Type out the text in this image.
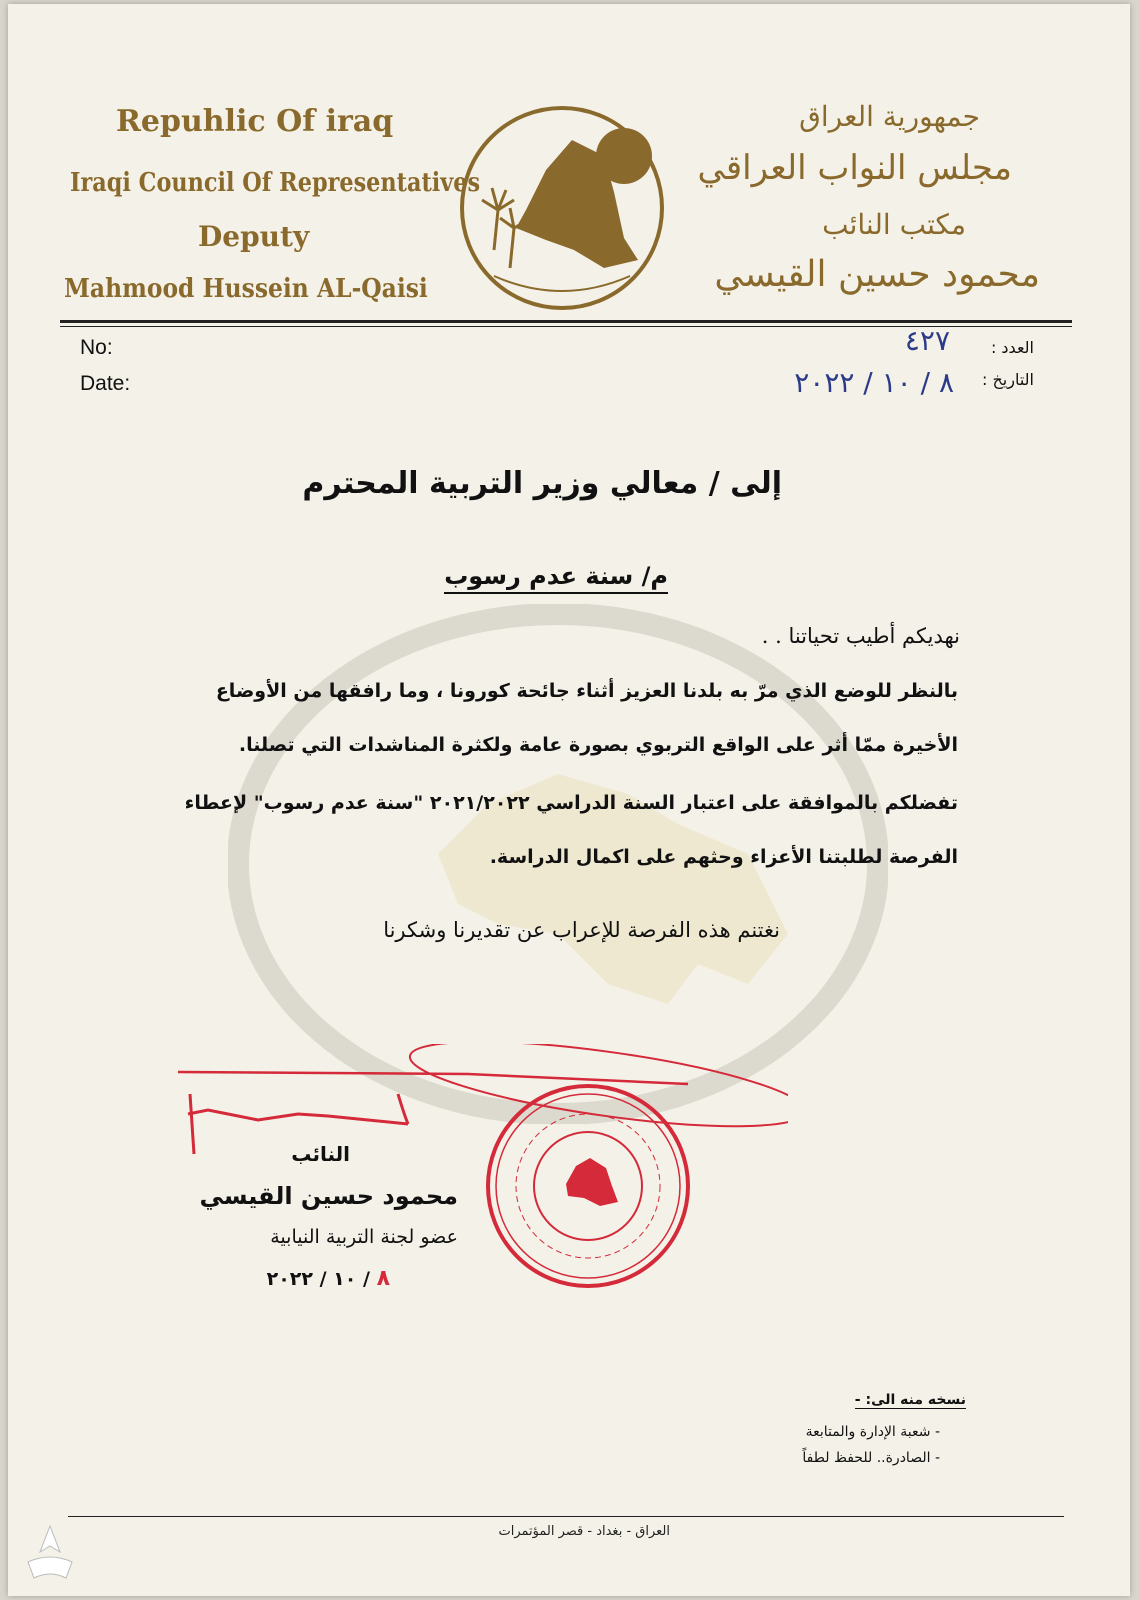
Repuhlic Of iraq
Iraqi Council Of Representatives
Deputy
Mahmood Hussein AL-Qaisi
جمهورية العراق
مجلس النواب العراقي
مكتب النائب
محمود حسين القيسي
No:
Date:
العدد :
التاريخ :
٤٢٧
٨ / ١٠ / ٢٠٢٢
إلى / معالي وزير التربية المحترم
م/ سنة عدم رسوب
نهديكم أطيب تحياتنا . .
بالنظر للوضع الذي مرّ به بلدنا العزيز أثناء جائحة كورونا ، وما رافقها من الأوضاع
الأخيرة ممّا أثر على الواقع التربوي بصورة عامة ولكثرة المناشدات التي تصلنا.
تفضلكم بالموافقة على اعتبار السنة الدراسي ٢٠٢١/٢٠٢٢ "سنة عدم رسوب" لإعطاء
الفرصة لطلبتنا الأعزاء وحثهم على اكمال الدراسة.
نغتنم هذه الفرصة للإعراب عن تقديرنا وشكرنا
النائب
محمود حسين القيسي
عضو لجنة التربية النيابية
٨ / ١٠ / ٢٠٢٢
نسخه منه الى: -
- شعبة الإدارة والمتابعة
- الصادرة.. للحفظ لطفاً
العراق - بغداد - قصر المؤتمرات
